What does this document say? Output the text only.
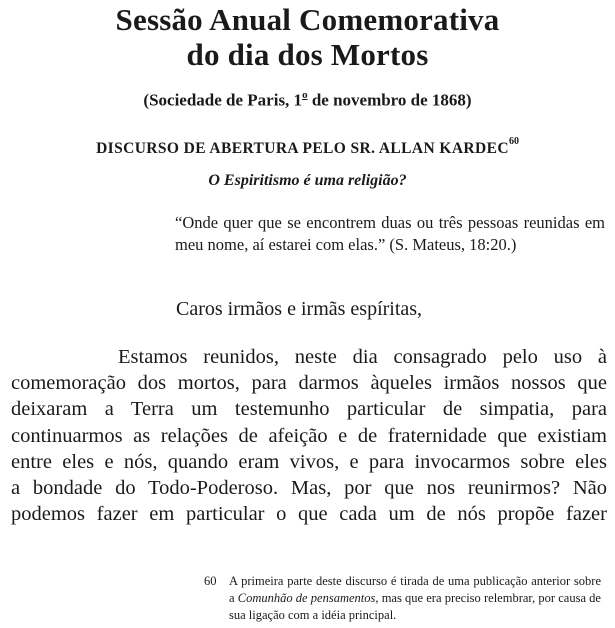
Sessão Anual Comemorativa
do dia dos Mortos
(Sociedade de Paris, 1$^o$ de novembro de 1868)
DISCURSO DE ABERTURA PELO SR. ALLAN KARDEC$^{60}$
O Espiritismo é uma religião?

“Onde quer que se encontrem duas ou três pessoas reunidas em meu nome, aí estarei com elas.” (S. Mateus, 18:20.)

Caros irmãos e irmãs espíritas,
Estamos reunidos, neste dia consagrado pelo uso à
comemoração dos mortos, para darmos àqueles irmãos nossos que
deixaram a Terra um testemunho particular de simpatia, para
continuarmos as relações de afeição e de fraternidade que existiam
entre eles e nós, quando eram vivos, e para invocarmos sobre eles
a bondade do Todo-Poderoso. Mas, por que nos reunirmos? Não
podemos fazer em particular o que cada um de nós propõe fazer
60	A primeira parte deste discurso é tirada de uma publicação anterior sobre a Comunhão de pensamentos, mas que era preciso relembrar, por causa de sua ligação com a idéia principal.
